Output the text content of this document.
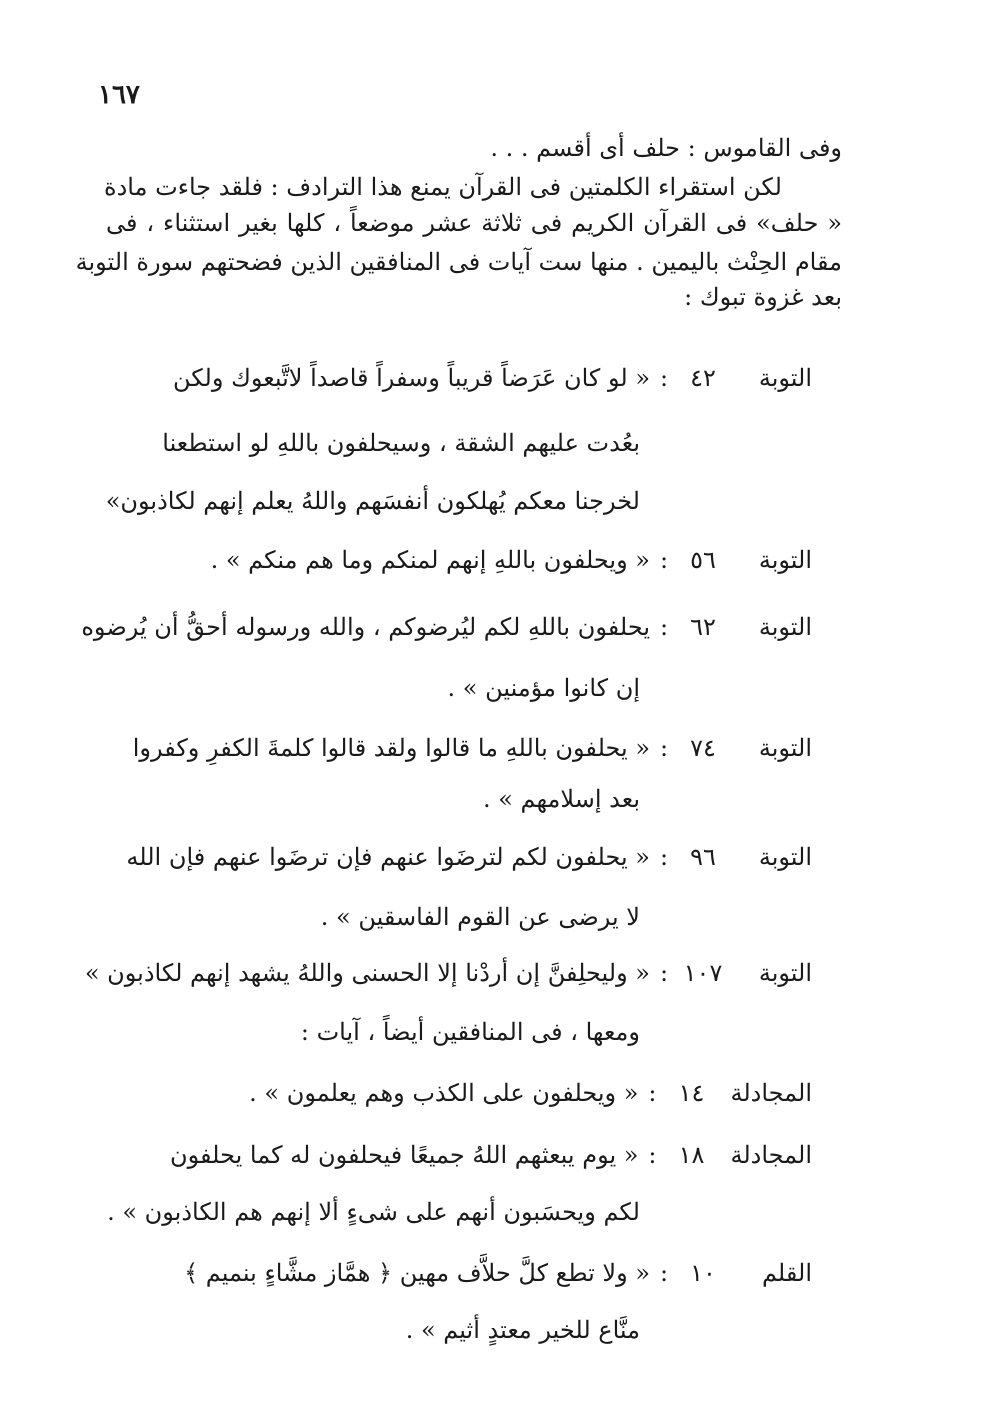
١٦٧
وفى القاموس : حلف أى أقسم . . .
لكن استقراء الكلمتين فى القرآن يمنع هذا الترادف : فلقد جاءت مادة
« حلف» فى القرآن الكريم فى ثلاثة عشر موضعاً ، كلها بغير استثناء ، فى
مقام الحِنْث باليمين . منها ست آيات فى المنافقين الذين فضحتهم سورة التوبة
بعد غزوة تبوك :
التوبة
٤٢
:
« لو كان عَرَضاً قريباً وسفراً قاصداً لاتَّبعوك ولكن
بعُدت عليهم الشقة ، وسيحلفون باللهِ لو استطعنا
لخرجنا معكم يُهلكون أنفسَهم واللهُ يعلم إنهم لكاذبون»
التوبة
٥٦
:
« ويحلفون باللهِ إنهم لمنكم وما هم منكم » .
التوبة
٦٢
:
يحلفون باللهِ لكم ليُرضوكم ، والله ورسوله أحقُّ أن يُرضوه
إن كانوا مؤمنين » .
التوبة
٧٤
:
« يحلفون باللهِ ما قالوا ولقد قالوا كلمةَ الكفرِ وكفروا
بعد إسلامهم » .
التوبة
٩٦
:
« يحلفون لكم لترضَوا عنهم فإن ترضَوا عنهم فإن الله
لا يرضى عن القوم الفاسقين » .
التوبة
١٠٧
:
« وليحلِفنَّ إن أردْنا إلا الحسنى واللهُ يشهد إنهم لكاذبون »
ومعها ، فى المنافقين أيضاً ، آيات :
المجادلة
١٤
:
« ويحلفون على الكذب وهم يعلمون » .
المجادلة
١٨
:
« يوم يبعثهم اللهُ جميعًا فيحلفون له كما يحلفون
لكم ويحسَبون أنهم على شىءٍ ألا إنهم هم الكاذبون » .
القلم
١٠
:
« ولا تطع كلَّ حلاَّف مهين ﴿ همَّاز مشَّاءٍ بنميم ﴾
منَّاع للخير معتدٍ أثيم » .
